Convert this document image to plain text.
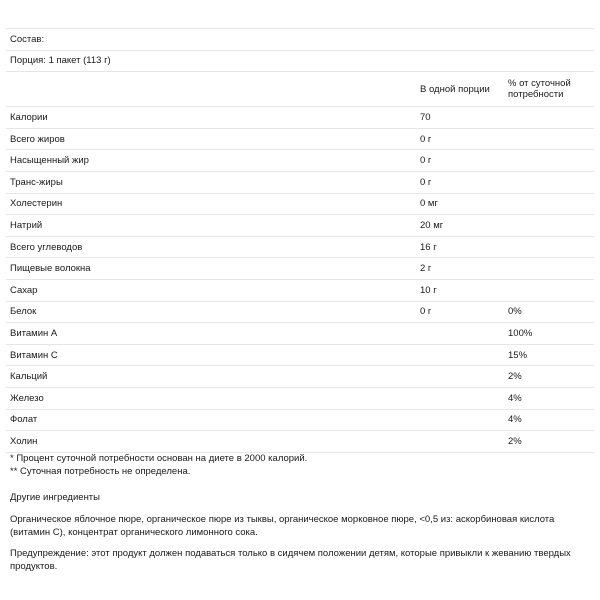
Состав:		
Порция: 1 пакет (113 г)		
	В одной порции	% от суточной потребности
Калории	70	
Всего жиров	0 г	
Насыщенный жир	0 г	
Транс-жиры	0 г	
Холестерин	0 мг	
Натрий	20 мг	
Всего углеводов	16 г	
Пищевые волокна	2 г	
Сахар	10 г	
Белок	0 г	0%
Витамин A		100%
Витамин C		15%
Кальций		2%
Железо		4%
Фолат		4%
Холин		2%
* Процент суточной потребности основан на диете в 2000 калорий.
** Суточная потребность не определена.
Другие ингредиенты
Органическое яблочное пюре, органическое пюре из тыквы, органическое морковное пюре, <0,5 из: аскорбиновая кислота (витамин C), концентрат органического лимонного сока.
Предупреждение: этот продукт должен подаваться только в сидячем положении детям, которые привыкли к жеванию твердых продуктов.
